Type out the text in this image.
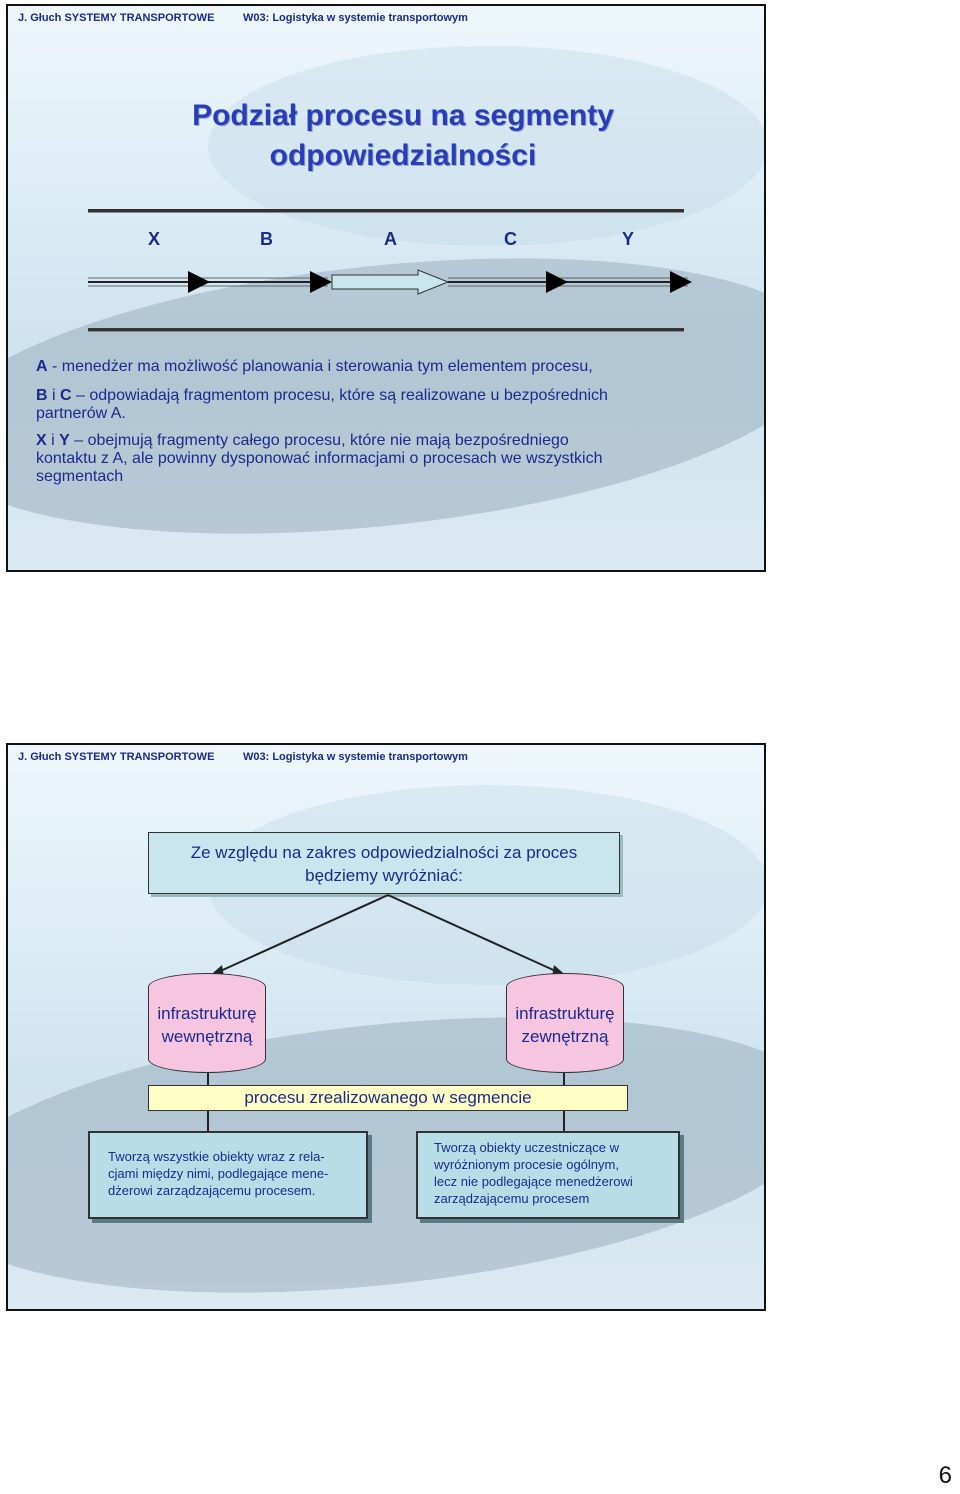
J. Głuch SYSTEMY TRANSPORTOWE	W03: Logistyka w systemie transportowym
Podział procesu na segmenty
odpowiedzialności
X	B	A	C	Y
A - menedżer ma możliwość planowania i sterowania tym elementem procesu,
B i C – odpowiadają fragmentom procesu, które są realizowane u bezpośrednich
partnerów A.
X i Y – obejmują fragmenty całego procesu, które nie mają bezpośredniego
kontaktu z A, ale powinny dysponować informacjami o procesach we wszystkich
segmentach
J. Głuch SYSTEMY TRANSPORTOWE	W03: Logistyka w systemie transportowym
Ze względu na zakres odpowiedzialności za proces
będziemy wyróżniać:
infrastrukturę
wewnętrzną
infrastrukturę
zewnętrzną
procesu zrealizowanego w segmencie
Tworzą wszystkie obiekty wraz z rela-
cjami między nimi, podlegające mene-
dżerowi zarządzającemu procesem.
Tworzą obiekty uczestniczące w
wyróżnionym procesie ogólnym,
lecz nie podlegające menedżerowi
zarządzającemu procesem
6
